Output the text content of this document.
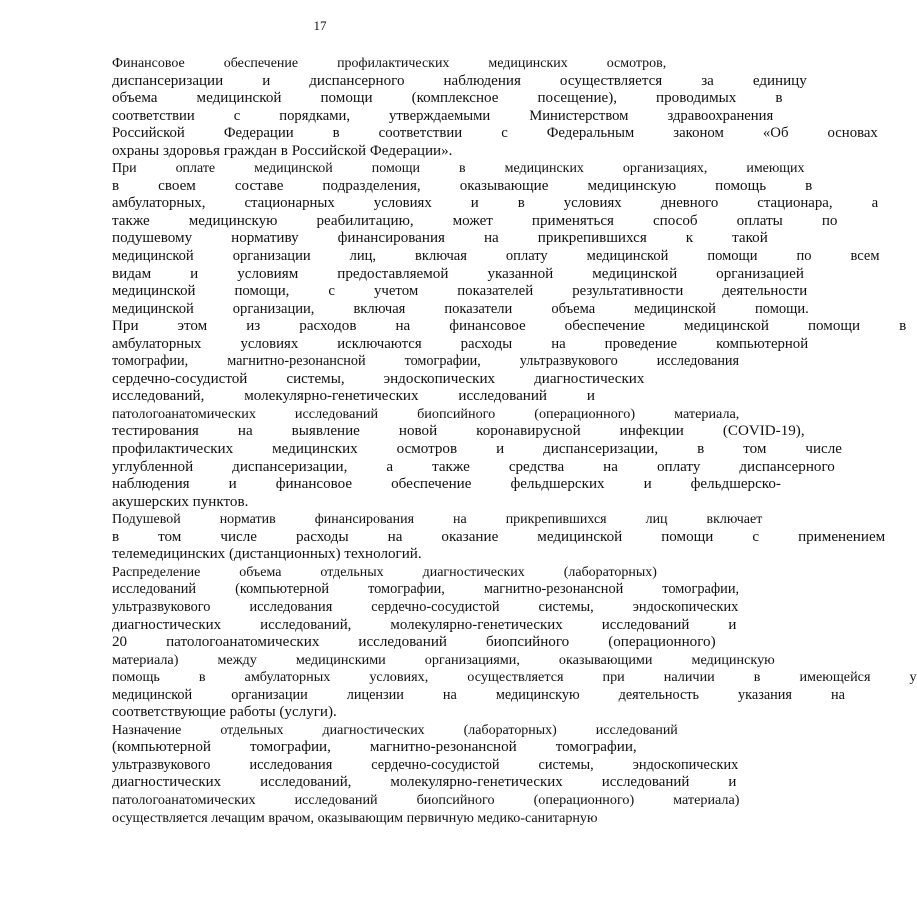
17

Финансовое	обеспечение	профилактических	медицинских	осмотров,
диспансеризации	и	диспансерного	наблюдения	осуществляется	за	единицу
объема	медицинской	помощи	(комплексное	посещение),	проводимых	в
соответствии	с	порядками,	утверждаемыми	Министерством	здравоохранения
Российской	Федерации	в	соответствии	с	Федеральным	законом	«Об	основах
охраны здоровья граждан в Российской Федерации».

При	оплате	медицинской	помощи	в	медицинских	организациях,	имеющих
в	своем	составе	подразделения,	оказывающие	медицинскую	помощь	в
амбулаторных,	стационарных	условиях	и	в	условиях	дневного	стационара,	а
также	медицинскую	реабилитацию,	может	применяться	способ	оплаты	по
подушевому	нормативу	финансирования	на	прикрепившихся	к	такой
медицинской	организации	лиц,	включая	оплату	медицинской	помощи	по	всем
видам	и	условиям	предоставляемой	указанной	медицинской	организацией
медицинской	помощи,	с	учетом	показателей	результативности	деятельности
медицинской	организации,	включая	показатели	объема	медицинской	помощи.
При	этом	из	расходов	на	финансовое	обеспечение	медицинской	помощи	в
амбулаторных	условиях	исключаются	расходы	на	проведение	компьютерной
томографии,	магнитно-резонансной	томографии,	ультразвукового	исследования
сердечно-сосудистой	системы,	эндоскопических	диагностических
исследований,	молекулярно-генетических	исследований	и
патологоанатомических	исследований	биопсийного	(операционного)	материала,
тестирования	на	выявление	новой	коронавирусной	инфекции	(COVID-19),
профилактических	медицинских	осмотров	и	диспансеризации,	в	том	числе
углубленной	диспансеризации,	а	также	средства	на	оплату	диспансерного
наблюдения	и	финансовое	обеспечение	фельдшерских	и	фельдшерско-
акушерских пунктов.

Подушевой	норматив	финансирования	на	прикрепившихся	лиц	включает
в	том	числе	расходы	на	оказание	медицинской	помощи	с	применением
телемедицинских (дистанционных) технологий.

Распределение	объема	отдельных	диагностических	(лабораторных)
исследований	(компьютерной	томографии,	магнитно-резонансной	томографии,
ультразвукового	исследования	сердечно-сосудистой	системы,	эндоскопических
диагностических	исследований,	молекулярно-генетических	исследований	и
20	патологоанатомических	исследований	биопсийного	(операционного)
материала)	между	медицинскими	организациями,	оказывающими	медицинскую
помощь	в	амбулаторных	условиях,	осуществляется	при	наличии	в	имеющейся	у
медицинской	организации	лицензии	на	медицинскую	деятельность	указания	на
соответствующие работы (услуги).

Назначение	отдельных	диагностических	(лабораторных)	исследований
(компьютерной	томографии,	магнитно-резонансной	томографии,
ультразвукового	исследования	сердечно-сосудистой	системы,	эндоскопических
диагностических	исследований,	молекулярно-генетических	исследований	и
патологоанатомических	исследований	биопсийного	(операционного)	материала)
осуществляется лечащим врачом, оказывающим первичную медико-санитарную
